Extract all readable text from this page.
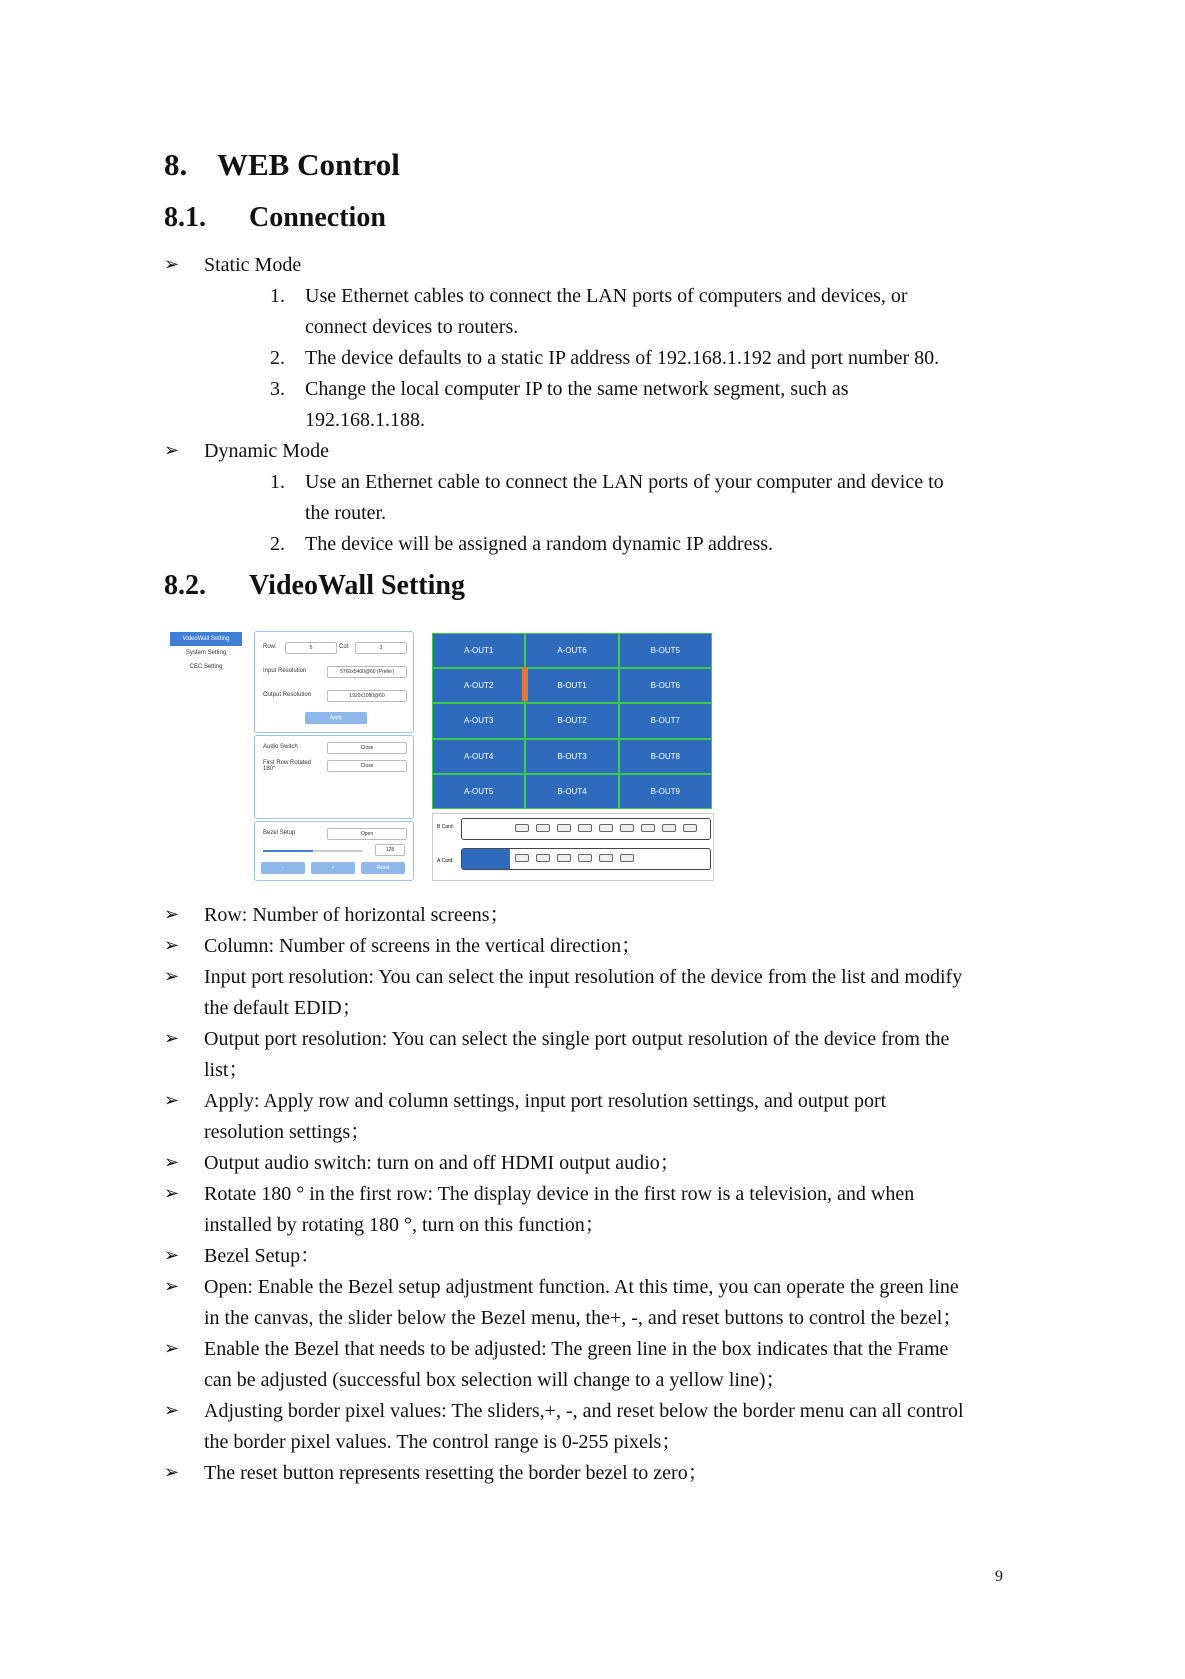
8. WEB Control
8.1. Connection
➢ Static Mode
1. Use Ethernet cables to connect the LAN ports of computers and devices, or
connect devices to routers.
2. The device defaults to a static IP address of 192.168.1.192 and port number 80.
3. Change the local computer IP to the same network segment, such as
192.168.1.188.
➢ Dynamic Mode
1. Use an Ethernet cable to connect the LAN ports of your computer and device to
the router.
2. The device will be assigned a random dynamic IP address.
8.2. VideoWall Setting
VideoWall Setting
System Setting
CEC Setting
Row:	5	Col:	3
Input Resolution	5760x5400@60 (Prefer)
Output Resolution	1920x1080@60
Apply
Audio Switch	Close
First Row Rotated 180°	Close
Bezel Setup	Open
128
-	+	Reset
A-OUT1	A-OUT6	B-OUT5
A-OUT2	B-OUT1	B-OUT6
A-OUT3	B-OUT2	B-OUT7
A-OUT4	B-OUT3	B-OUT8
A-OUT5	B-OUT4	B-OUT9
B Card:
A Card:
➢ Row: Number of horizontal screens；
➢ Column: Number of screens in the vertical direction；
➢ Input port resolution: You can select the input resolution of the device from the list and modify
the default EDID；
➢ Output port resolution: You can select the single port output resolution of the device from the
list；
➢ Apply: Apply row and column settings, input port resolution settings, and output port
resolution settings；
➢ Output audio switch: turn on and off HDMI output audio；
➢ Rotate 180 ° in the first row: The display device in the first row is a television, and when
installed by rotating 180 °, turn on this function；
➢ Bezel Setup：
➢ Open: Enable the Bezel setup adjustment function. At this time, you can operate the green line
in the canvas, the slider below the Bezel menu, the+, -, and reset buttons to control the bezel；
➢ Enable the Bezel that needs to be adjusted: The green line in the box indicates that the Frame
can be adjusted (successful box selection will change to a yellow line)；
➢ Adjusting border pixel values: The sliders,+, -, and reset below the border menu can all control
the border pixel values. The control range is 0-255 pixels；
➢ The reset button represents resetting the border bezel to zero；
9
